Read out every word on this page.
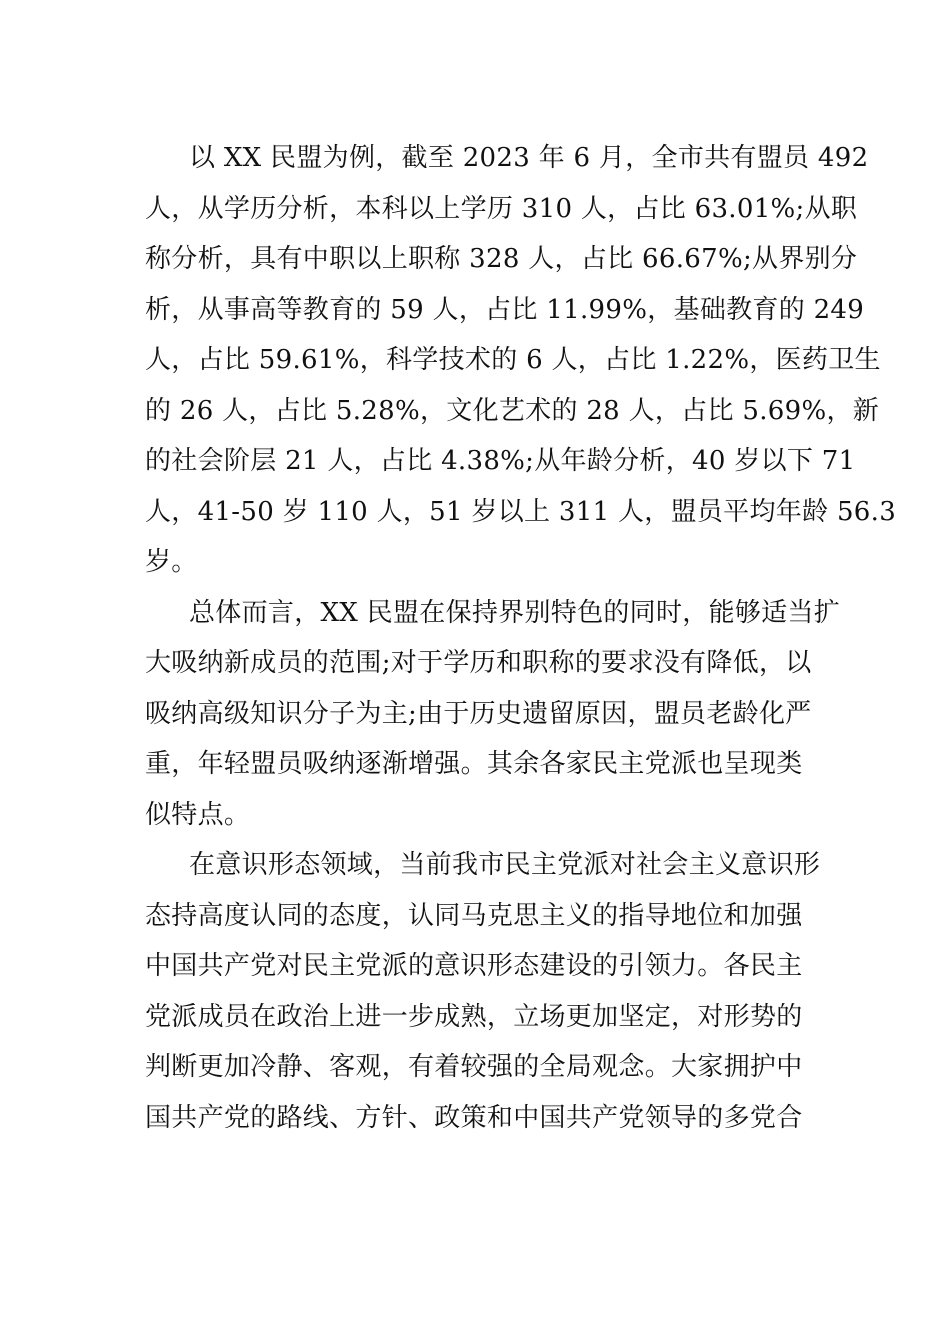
以 XX 民盟为例，截至 2023 年 6 月，全市共有盟员 492
人，从学历分析，本科以上学历 310 人，占比 63.01%;从职
称分析，具有中职以上职称 328 人，占比 66.67%;从界别分
析，从事高等教育的 59 人，占比 11.99%，基础教育的 249
人，占比 59.61%，科学技术的 6 人，占比 1.22%，医药卫生
的 26 人，占比 5.28%，文化艺术的 28 人，占比 5.69%，新
的社会阶层 21 人，占比 4.38%;从年龄分析，40 岁以下 71
人，41-50 岁 110 人，51 岁以上 311 人，盟员平均年龄 56.3
岁。

总体而言，XX 民盟在保持界别特色的同时，能够适当扩
大吸纳新成员的范围;对于学历和职称的要求没有降低，以
吸纳高级知识分子为主;由于历史遗留原因，盟员老龄化严
重，年轻盟员吸纳逐渐增强。其余各家民主党派也呈现类
似特点。

在意识形态领域，当前我市民主党派对社会主义意识形
态持高度认同的态度，认同马克思主义的指导地位和加强
中国共产党对民主党派的意识形态建设的引领力。各民主
党派成员在政治上进一步成熟，立场更加坚定，对形势的
判断更加冷静、客观，有着较强的全局观念。大家拥护中
国共产党的路线、方针、政策和中国共产党领导的多党合
